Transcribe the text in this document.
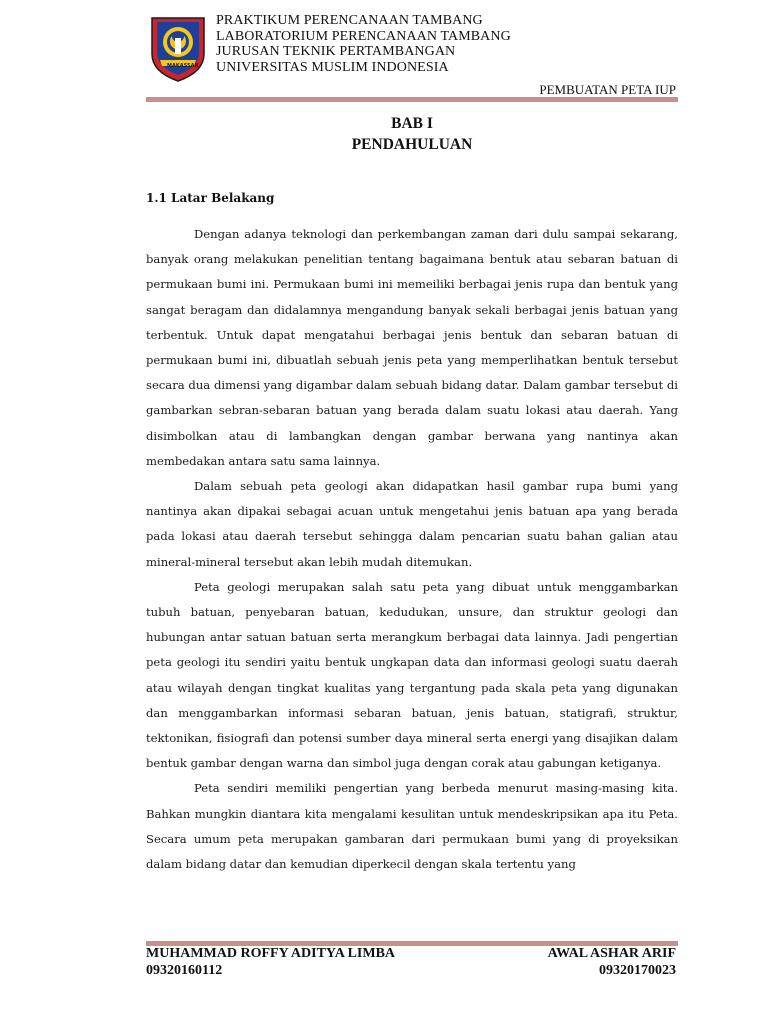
MAKASSAR
PRAKTIKUM PERENCANAAN TAMBANG
LABORATORIUM PERENCANAAN TAMBANG
JURUSAN TEKNIK PERTAMBANGAN
UNIVERSITAS MUSLIM INDONESIA
PEMBUATAN PETA IUP
BAB I
PENDAHULUAN
1.1 Latar Belakang

Dengan adanya teknologi dan perkembangan zaman dari dulu sampai sekarang, banyak orang melakukan penelitian tentang bagaimana bentuk atau sebaran batuan di permukaan bumi ini. Permukaan bumi ini memeiliki berbagai jenis rupa dan bentuk yang sangat beragam dan didalamnya mengandung banyak sekali berbagai jenis batuan yang terbentuk. Untuk dapat mengatahui berbagai jenis bentuk dan sebaran batuan di permukaan bumi ini, dibuatlah sebuah jenis peta yang memperlihatkan bentuk tersebut secara dua dimensi yang digambar dalam sebuah bidang datar. Dalam gambar tersebut di gambarkan sebran-sebaran batuan yang berada dalam suatu lokasi atau daerah. Yang disimbolkan atau di lambangkan dengan gambar berwana yang nantinya akan membedakan antara satu sama lainnya.

Dalam sebuah peta geologi akan didapatkan hasil gambar rupa bumi yang nantinya akan dipakai sebagai acuan untuk mengetahui jenis batuan apa yang berada pada lokasi atau daerah tersebut sehingga dalam pencarian suatu bahan galian atau mineral-mineral tersebut akan lebih mudah ditemukan.

Peta geologi merupakan salah satu peta yang dibuat untuk menggambarkan tubuh batuan, penyebaran batuan, kedudukan, unsure, dan struktur geologi dan hubungan antar satuan batuan serta merangkum berbagai data lainnya. Jadi pengertian peta geologi itu sendiri yaitu bentuk ungkapan data dan informasi geologi suatu daerah atau wilayah dengan tingkat kualitas yang tergantung pada skala peta yang digunakan dan menggambarkan informasi sebaran batuan, jenis batuan, statigrafi, struktur, tektonikan, fisiografi dan potensi sumber daya mineral serta energi yang disajikan dalam bentuk gambar dengan warna dan simbol juga dengan corak atau gabungan ketiganya.

Peta sendiri memiliki pengertian yang berbeda menurut masing-masing kita. Bahkan mungkin diantara kita mengalami kesulitan untuk mendeskripsikan apa itu Peta. Secara umum peta merupakan gambaran dari permukaan bumi yang di proyeksikan dalam bidang datar dan kemudian diperkecil dengan skala tertentu yang

MUHAMMAD ROFFY ADITYA LIMBA
09320160112
AWAL ASHAR ARIF
09320170023
